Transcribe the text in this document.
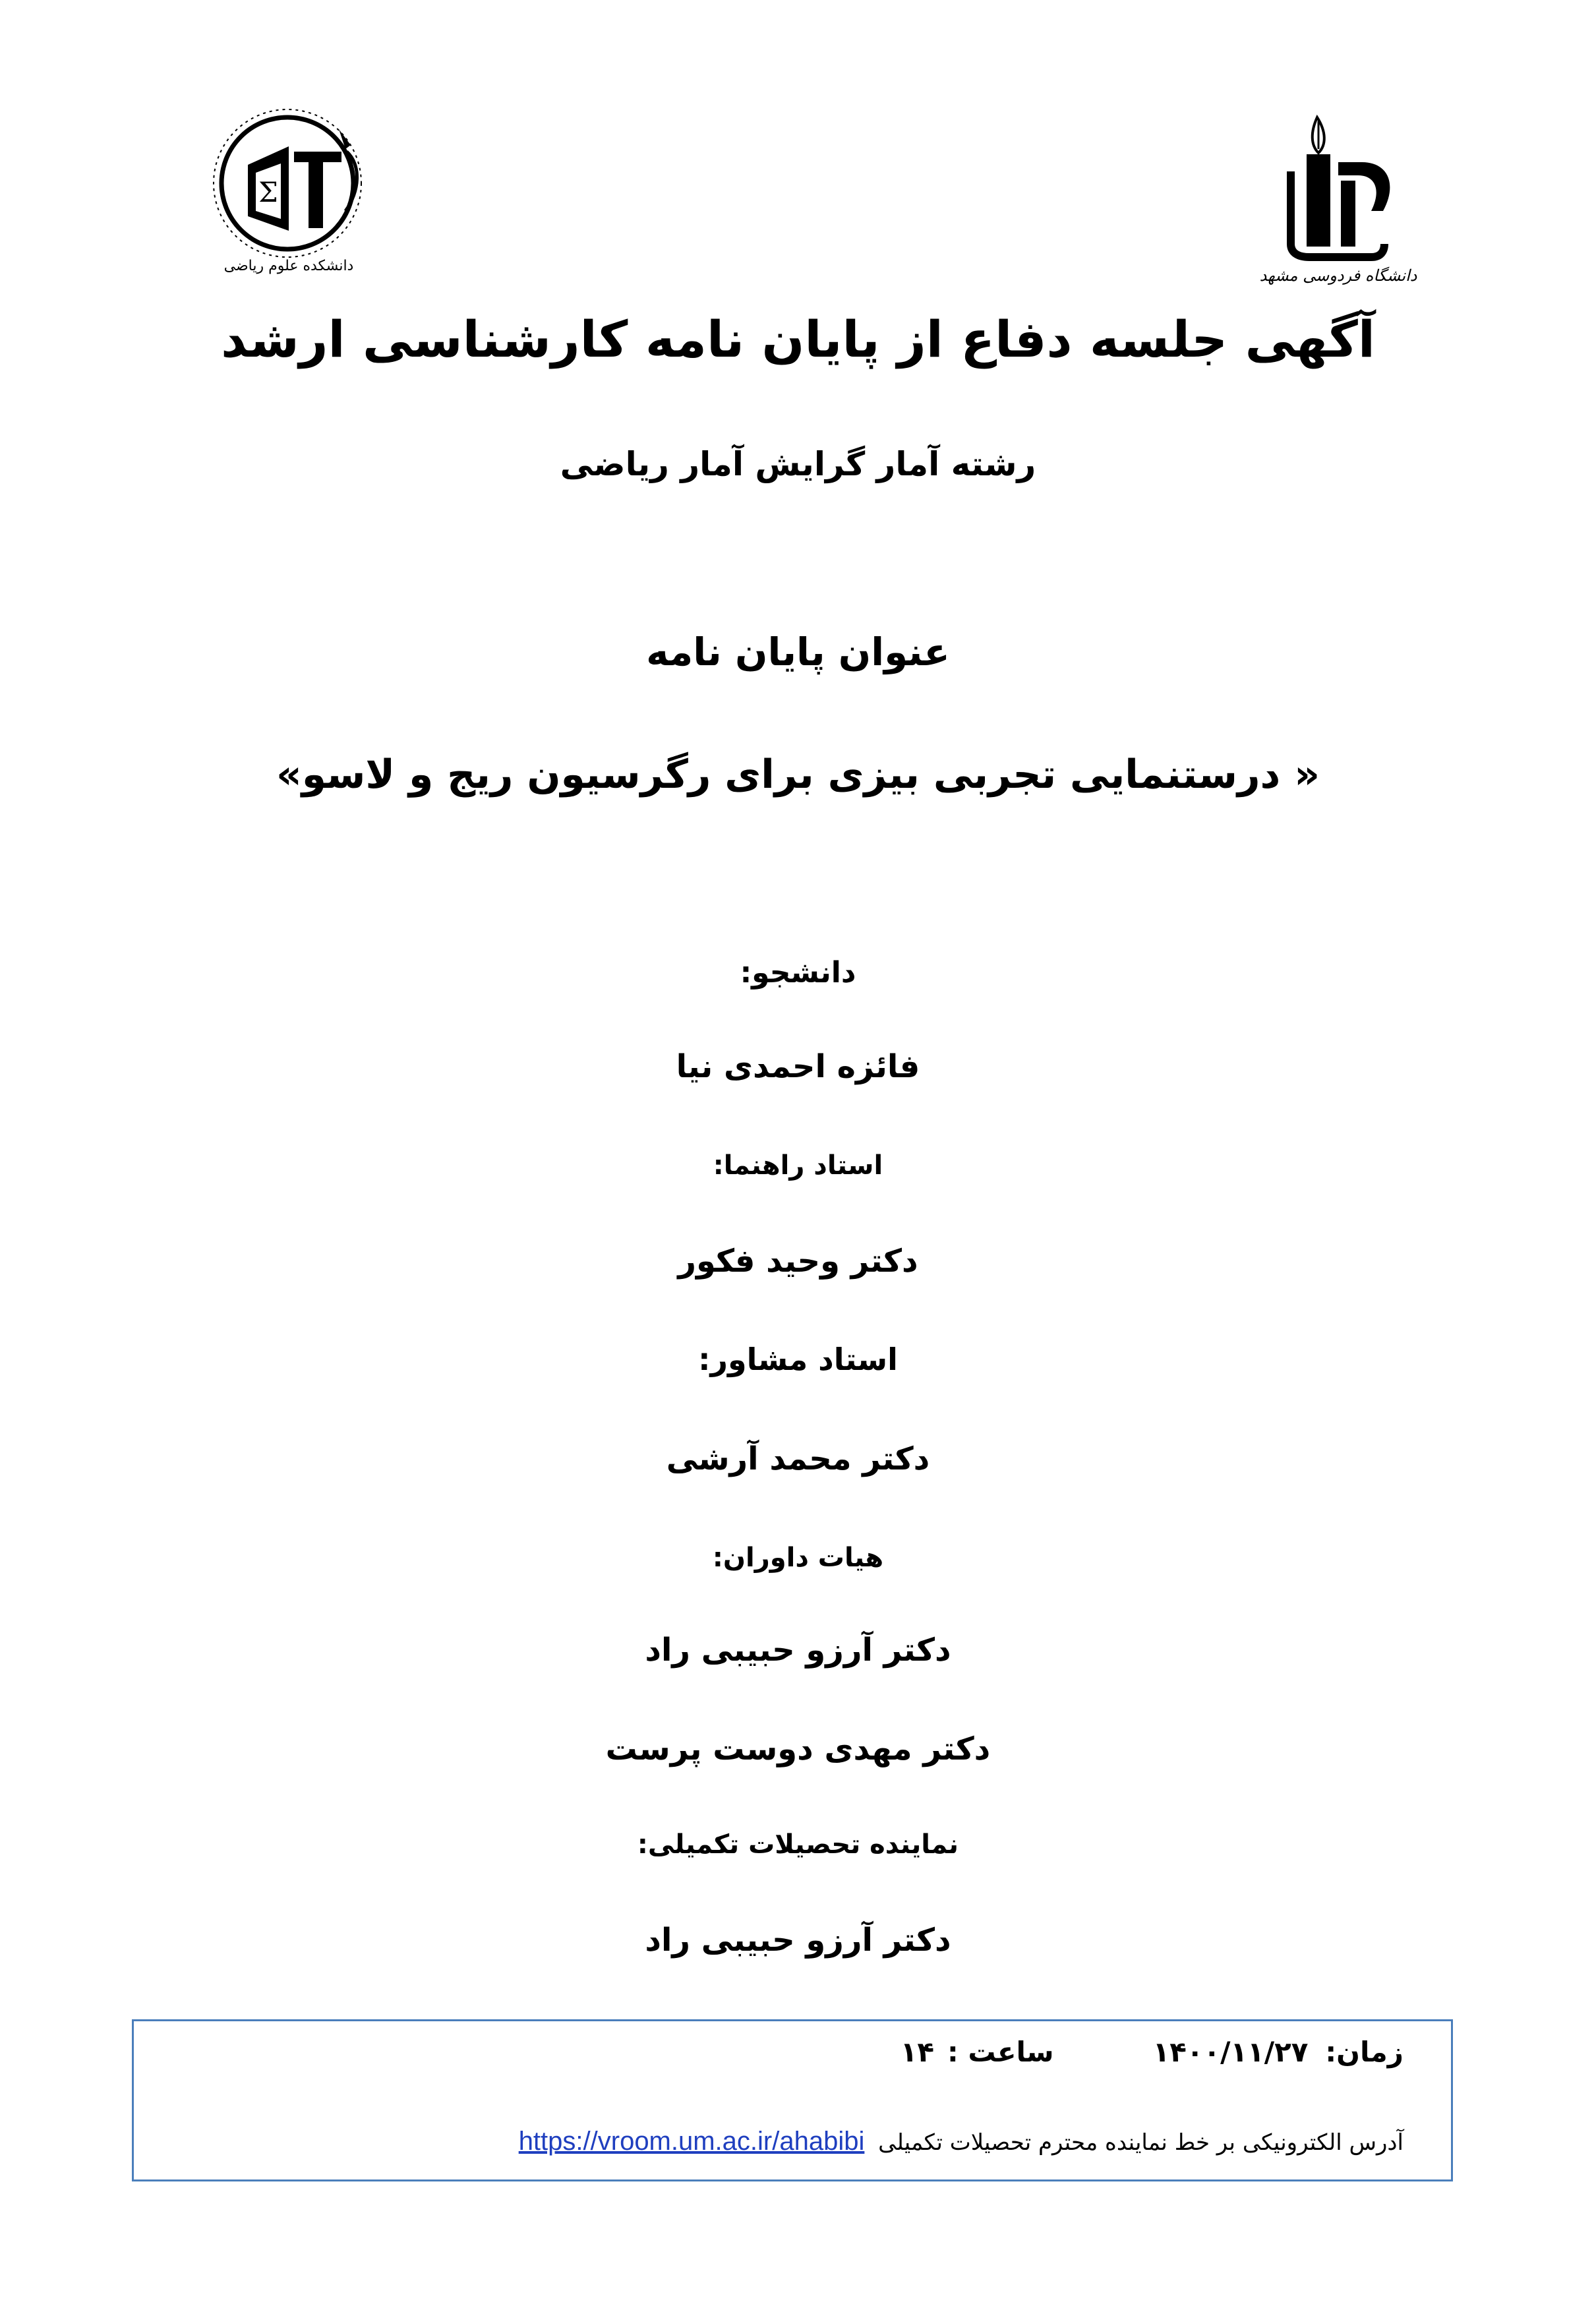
Σ
دانشکده علوم ریاضی
دانشگاه فردوسی مشهد
آگهی جلسه دفاع از پایان نامه کارشناسی ارشد
رشته آمار گرایش آمار ریاضی
عنوان پایان نامه
« درستنمایی تجربی بیزی برای رگرسیون ریج و لاسو»
دانشجو:
فائزه احمدی نیا
استاد راهنما:
دکتر وحید فکور
استاد مشاور:
دکتر محمد آرشی
هیات داوران:
دکتر آرزو حبیبی راد
دکتر مهدی دوست پرست
نماینده تحصیلات تکمیلی:
دکتر آرزو حبیبی راد
زمان:۱۴۰۰/۱۱/۲۷ساعت :۱۴
آدرس الکترونیکی بر خط نماینده محترم تحصیلات تکمیلی https://vroom.um.ac.ir/ahabibi
